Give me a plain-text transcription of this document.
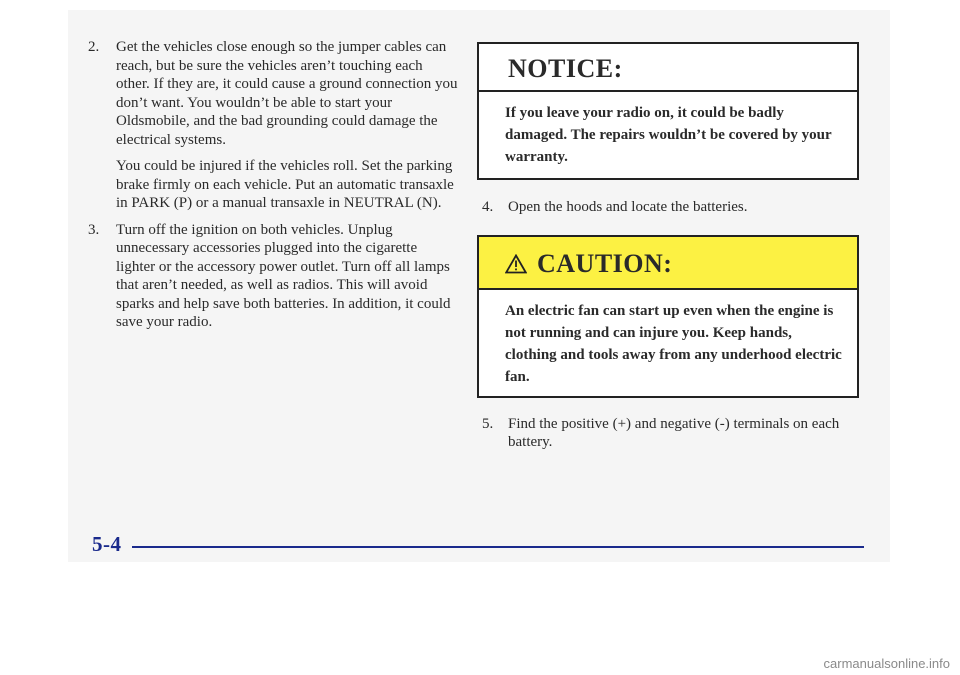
2. Get the vehicles close enough so the jumper cables can reach, but be sure the vehicles aren’t touching each other. If they are, it could cause a ground connection you don’t want. You wouldn’t be able to start your Oldsmobile, and the bad grounding could damage the electrical systems.

You could be injured if the vehicles roll. Set the parking brake firmly on each vehicle. Put an automatic transaxle in PARK (P) or a manual transaxle in NEUTRAL (N).

3. Turn off the ignition on both vehicles. Unplug unnecessary accessories plugged into the cigarette lighter or the accessory power outlet. Turn off all lamps that aren’t needed, as well as radios. This will avoid sparks and help save both batteries. In addition, it could save your radio.

NOTICE:
If you leave your radio on, it could be badly damaged. The repairs wouldn’t be covered by your warranty.
4. Open the hoods and locate the batteries.
CAUTION:
An electric fan can start up even when the engine is not running and can injure you. Keep hands, clothing and tools away from any underhood electric fan.
5. Find the positive (+) and negative (-) terminals on each battery.
5-4
carmanualsonline.info
